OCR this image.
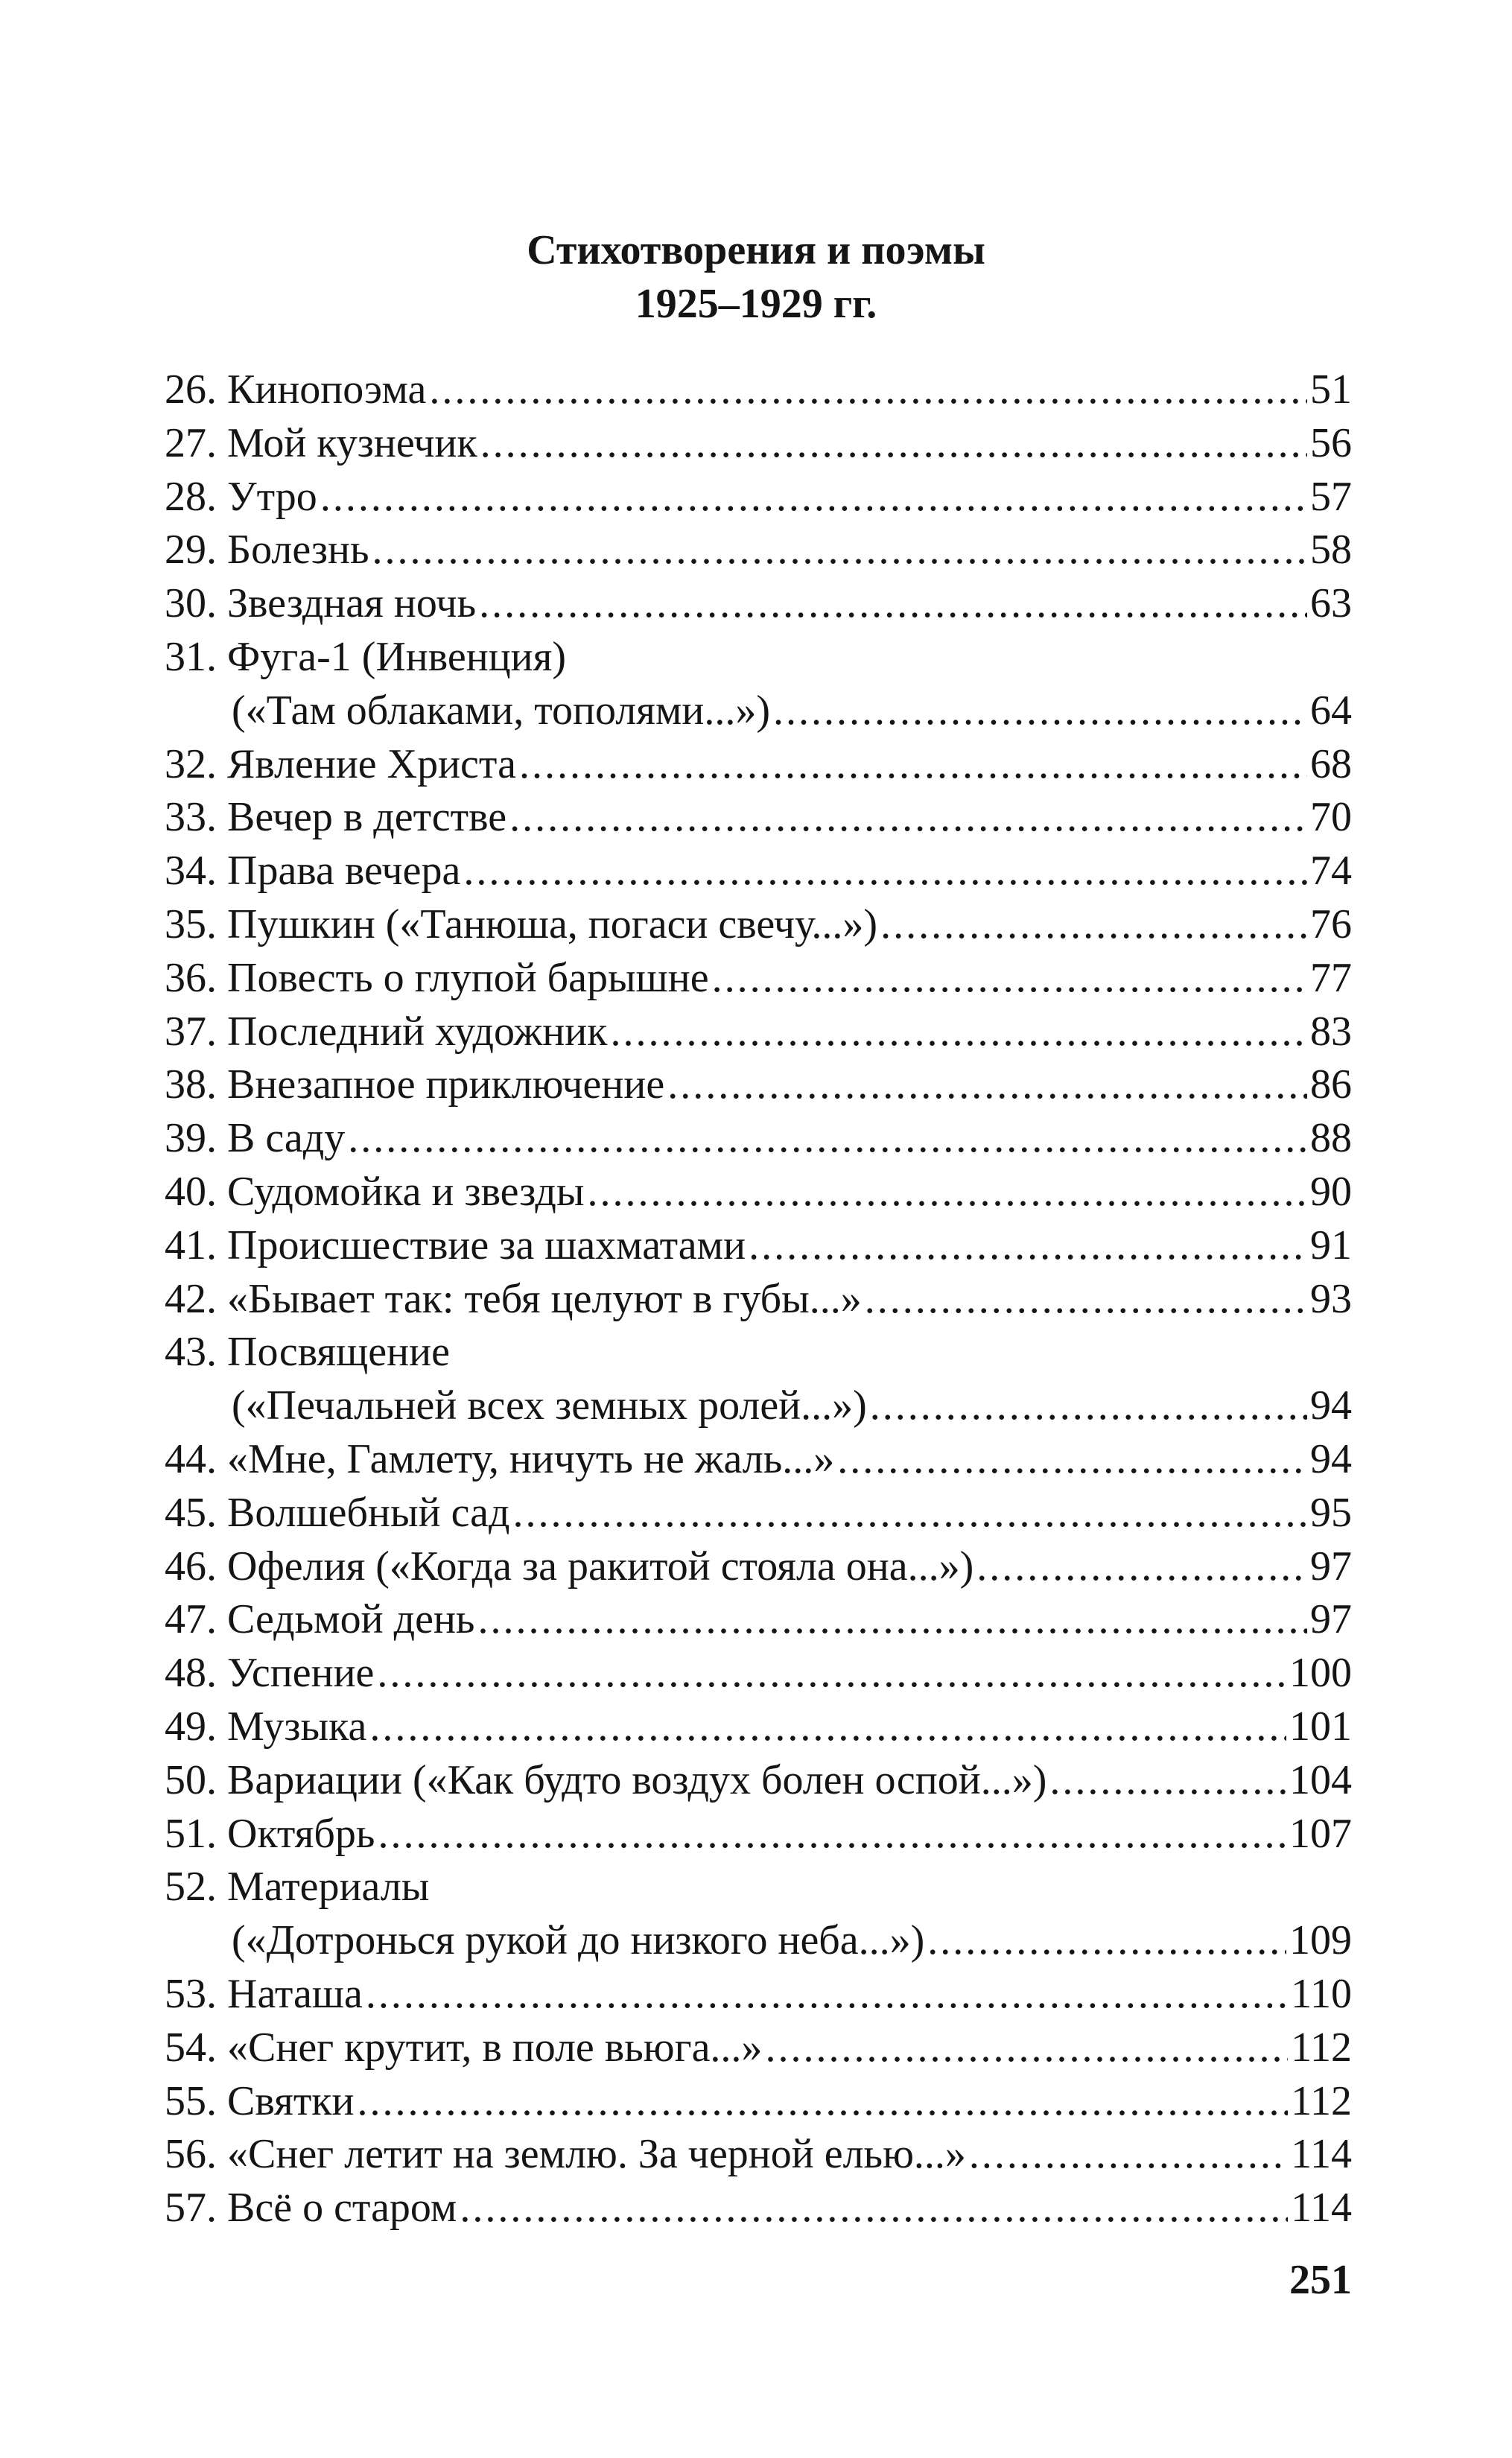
Стихотворения и поэмы
1925–1929 гг.
26. Кинопоэма .....	51
27. Мой кузнечик .....	56
28. Утро .....	57
29. Болезнь .....	58
30. Звездная ночь .....	63
31. Фуга-1 (Инвенция)
(«Там облаками, тополями...») .....	64
32. Явление Христа .....	68
33. Вечер в детстве .....	70
34. Права вечера .....	74
35. Пушкин («Танюша, погаси свечу...») .....	76
36. Повесть о глупой барышне .....	77
37. Последний художник .....	83
38. Внезапное приключение .....	86
39. В саду .....	88
40. Судомойка и звезды .....	90
41. Происшествие за шахматами .....	91
42. «Бывает так: тебя целуют в губы...» .....	93
43. Посвящение
(«Печальней всех земных ролей...») .....	94
44. «Мне, Гамлету, ничуть не жаль...» .....	94
45. Волшебный сад .....	95
46. Офелия («Когда за ракитой стояла она...») .....	97
47. Седьмой день .....	97
48. Успение .....	100
49. Музыка .....	101
50. Вариации («Как будто воздух болен оспой...») .....	104
51. Октябрь .....	107
52. Материалы
(«Дотронься рукой до низкого неба...») .....	109
53. Наташа .....	110
54. «Снег крутит, в поле вьюга...» .....	112
55. Святки .....	112
56. «Снег летит на землю. За черной елью...» .....	114
57. Всё о старом .....	114
251
